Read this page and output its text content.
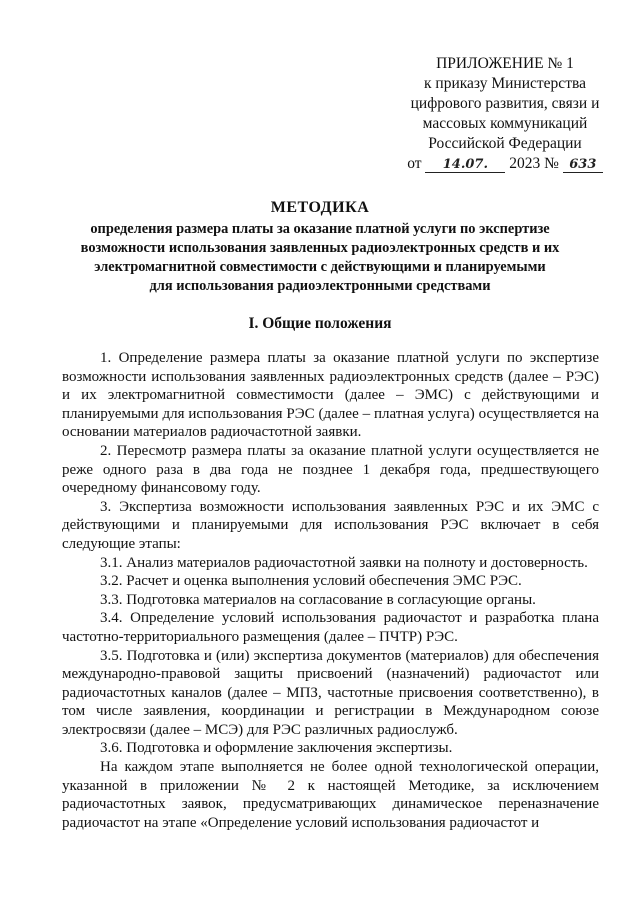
ПРИЛОЖЕНИЕ № 1
к приказу Министерства
цифрового развития, связи и
массовых коммуникаций
Российской Федерации
от 14.07. 2023 № 633
МЕТОДИКА
определения размера платы за оказание платной услуги по экспертизе
возможности использования заявленных радиоэлектронных средств и их
электромагнитной совместимости с действующими и планируемыми
для использования радиоэлектронными средствами
I. Общие положения

1. Определение размера платы за оказание платной услуги по экспертизе возможности использования заявленных радиоэлектронных средств (далее – РЭС) и их электромагнитной совместимости (далее – ЭМС) с действующими и планируемыми для использования РЭС (далее – платная услуга) осуществляется на основании материалов радиочастотной заявки.

2. Пересмотр размера платы за оказание платной услуги осуществляется не реже одного раза в два года не позднее 1 декабря года, предшествующего очередному финансовому году.

3. Экспертиза возможности использования заявленных РЭС и их ЭМС с действующими и планируемыми для использования РЭС включает в себя следующие этапы:

3.1. Анализ материалов радиочастотной заявки на полноту и достоверность.

3.2. Расчет и оценка выполнения условий обеспечения ЭМС РЭС.

3.3. Подготовка материалов на согласование в согласующие органы.

3.4. Определение условий использования радиочастот и разработка плана частотно-территориального размещения (далее – ПЧТР) РЭС.

3.5. Подготовка и (или) экспертиза документов (материалов) для обеспечения международно-правовой защиты присвоений (назначений) радиочастот или радиочастотных каналов (далее – МПЗ, частотные присвоения соответственно), в том числе заявления, координации и регистрации в Международном союзе электросвязи (далее – МСЭ) для РЭС различных радиослужб.

3.6. Подготовка и оформление заключения экспертизы.

На каждом этапе выполняется не более одной технологической операции, указанной в приложении № 2 к настоящей Методике, за исключением радиочастотных заявок, предусматривающих динамическое переназначение радиочастот на этапе «Определение условий использования радиочастот и
